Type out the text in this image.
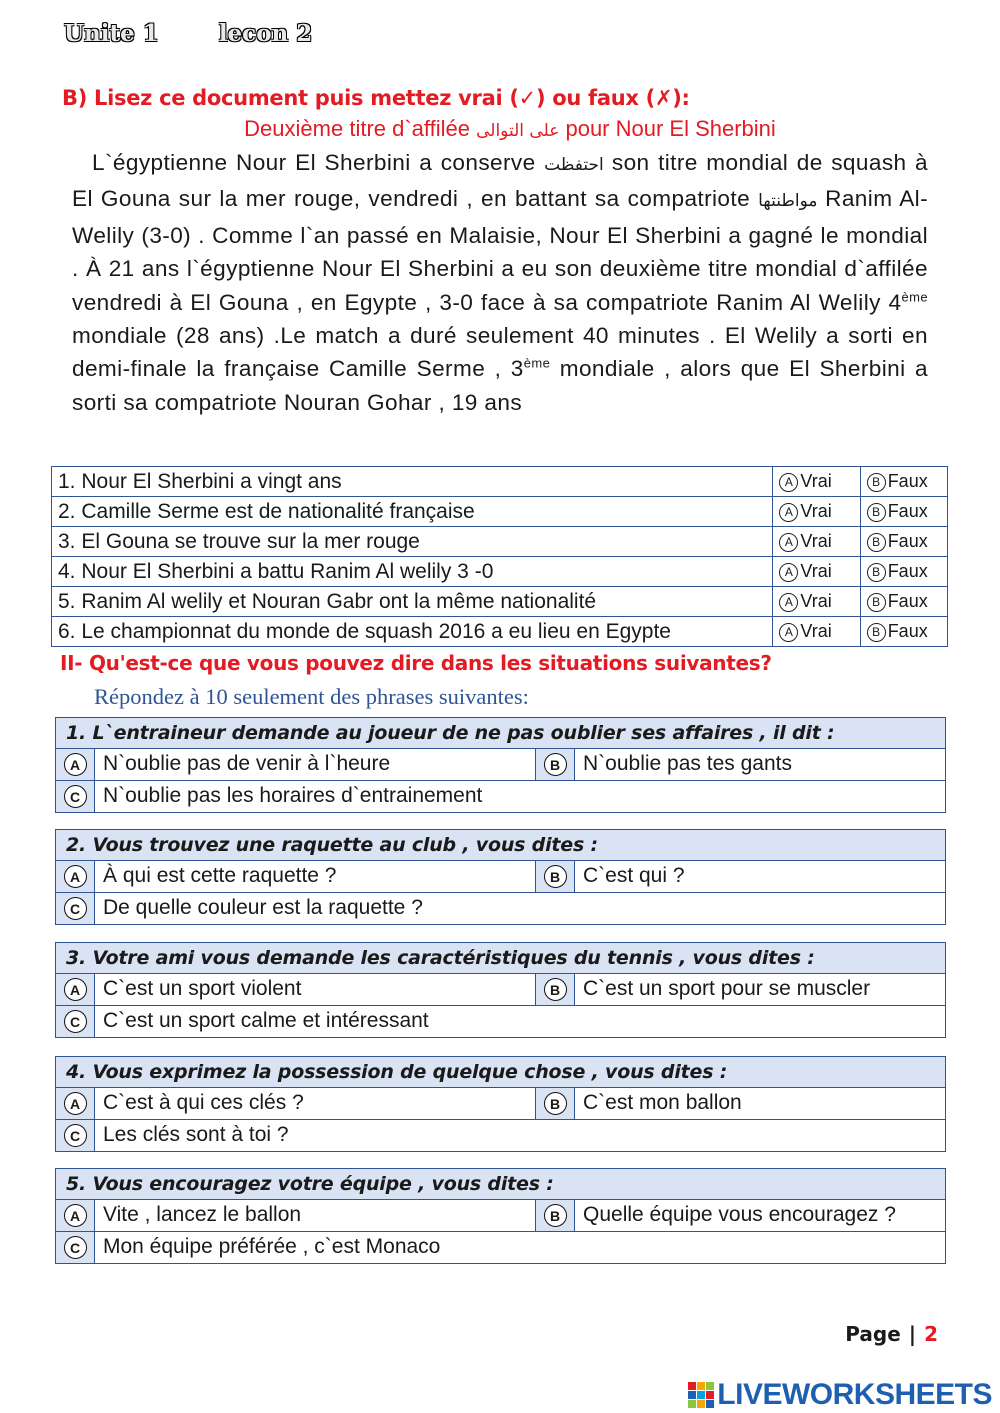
Unite 1	lecon 2
B) Lisez ce document puis mettez vrai (✓) ou faux (✗):
Deuxième titre d`affilée على التوالى pour Nour El Sherbini
L`égyptienne Nour El Sherbini a conserve احتفظت son titre mondial de squash à El Gouna sur la mer rouge, vendredi , en battant sa compatriote مواطنتها Ranim Al-Welily (3-0) . Comme l`an passé en Malaisie, Nour El Sherbini a gagné le mondial . À 21 ans l`égyptienne Nour El Sherbini a eu son deuxième titre mondial d`affilée vendredi à El Gouna , en Egypte , 3-0 face à sa compatriote Ranim Al Welily 4ème mondiale (28 ans) .Le match a duré seulement 40 minutes . El Welily a sorti en demi-finale la française Camille Serme , 3ème mondiale , alors que El Sherbini a sorti sa compatriote Nouran Gohar , 19 ans
1. Nour El Sherbini a vingt ans	A Vrai	B Faux
2. Camille Serme est de nationalité française	A Vrai	B Faux
3. El Gouna se trouve sur la mer rouge	A Vrai	B Faux
4. Nour El Sherbini a battu Ranim Al welily 3 -0	A Vrai	B Faux
5. Ranim Al welily et Nouran Gabr ont la même nationalité	A Vrai	B Faux
6. Le championnat du monde de squash 2016 a eu lieu en Egypte	A Vrai	B Faux
II- Qu'est-ce que vous pouvez dire dans les situations suivantes?
Répondez à 10 seulement des phrases suivantes:
1. L`entraineur demande au joueur de ne pas oublier ses affaires , il dit :
A	N`oublie pas de venir à l`heure	B	N`oublie pas tes gants
C	N`oublie pas les horaires d`entrainement
2. Vous trouvez une raquette au club , vous dites :
A	À qui est cette raquette ?	B	C`est qui ?
C	De quelle couleur est la raquette ?
3. Votre ami vous demande les caractéristiques du tennis , vous dites :
A	C`est un sport violent	B	C`est un sport pour se muscler
C	C`est un sport calme et intéressant
4. Vous exprimez la possession de quelque chose , vous dites :
A	C`est à qui ces clés ?	B	C`est mon ballon
C	Les clés sont à toi ?
5. Vous encouragez votre équipe , vous dites :
A	Vite , lancez le ballon	B	Quelle équipe vous encouragez ?
C	Mon équipe préférée , c`est Monaco
Page | 2
LIVEWORKSHEETS
